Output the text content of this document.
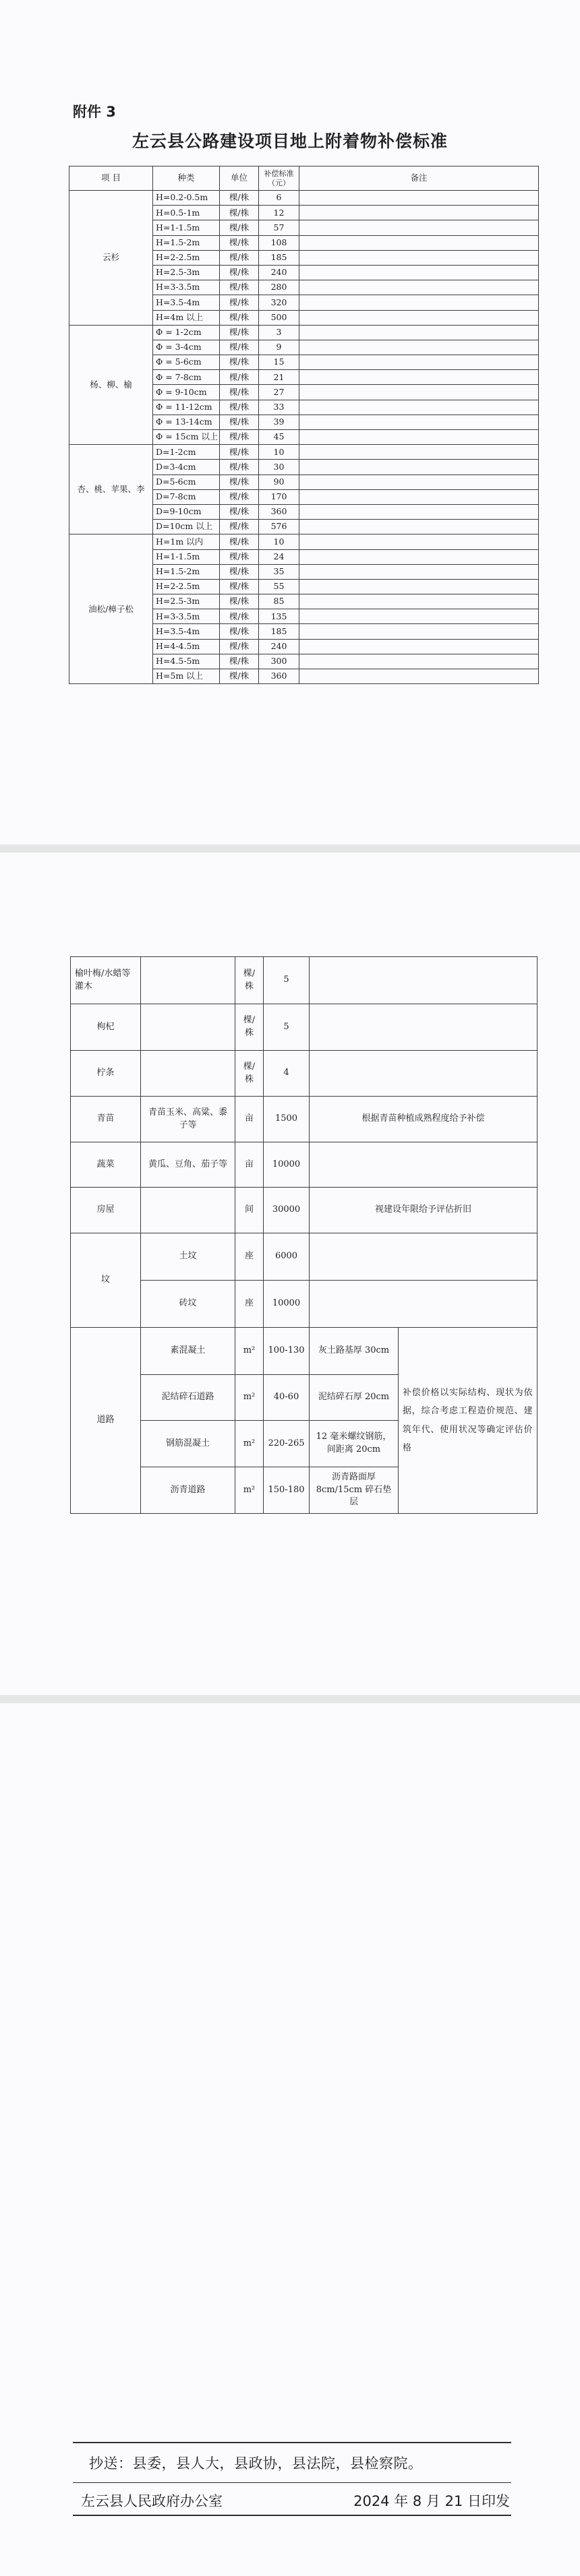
附件 3
左云县公路建设项目地上附着物补偿标准
项 目	种类	单位	补偿标准（元）	备注
云杉	H=0.2-0.5m	棵/株	6	
	H=0.5-1m	棵/株	12	
	H=1-1.5m	棵/株	57	
	H=1.5-2m	棵/株	108	
	H=2-2.5m	棵/株	185	
	H=2.5-3m	棵/株	240	
	H=3-3.5m	棵/株	280	
	H=3.5-4m	棵/株	320	
	H=4m 以上	棵/株	500	
杨、柳、榆	Φ = 1-2cm	棵/株	3	
	Φ = 3-4cm	棵/株	9	
	Φ = 5-6cm	棵/株	15	
	Φ = 7-8cm	棵/株	21	
	Φ = 9-10cm	棵/株	27	
	Φ = 11-12cm	棵/株	33	
	Φ = 13-14cm	棵/株	39	
	Φ = 15cm 以上	棵/株	45	
杏、桃、苹果、李	D=1-2cm	棵/株	10	
	D=3-4cm	棵/株	30	
	D=5-6cm	棵/株	90	
	D=7-8cm	棵/株	170	
	D=9-10cm	棵/株	360	
	D=10cm 以上	棵/株	576	
油松/樟子松	H=1m 以内	棵/株	10	
	H=1-1.5m	棵/株	24	
	H=1.5-2m	棵/株	35	
	H=2-2.5m	棵/株	55	
	H=2.5-3m	棵/株	85	
	H=3-3.5m	棵/株	135	
	H=3.5-4m	棵/株	185	
	H=4-4.5m	棵/株	240	
	H=4.5-5m	棵/株	300	
	H=5m 以上	棵/株	360	
榆叶梅/水蜡等灌木		棵/株	5		
枸杞		棵/株	5		
柠条		棵/株	4		
青苗	青苗玉米、高粱、黍子等	亩	1500	根据青苗种植成熟程度给予补偿	
蔬菜	黄瓜、豆角、茄子等	亩	10000		
房屋		间	30000	视建设年限给予评估折旧	
坟	土坟	座	6000		
	砖坟	座	10000		
道路	素混凝土	m²	100-130	灰土路基厚 30cm	补偿价格以实际结构、现状为依据，综合考虑工程造价规范、建筑年代、使用状况等确定评估价格
	泥结碎石道路	m²	40-60	泥结碎石厚 20cm	
	钢筋混凝土	m²	220-265	12 毫米螺纹钢筋，间距离 20cm	
	沥青道路	m²	150-180	沥青路面厚 8cm/15cm 碎石垫层	
抄送：县委，县人大，县政协，县法院，县检察院。
左云县人民政府办公室	2024 年 8 月 21 日印发
